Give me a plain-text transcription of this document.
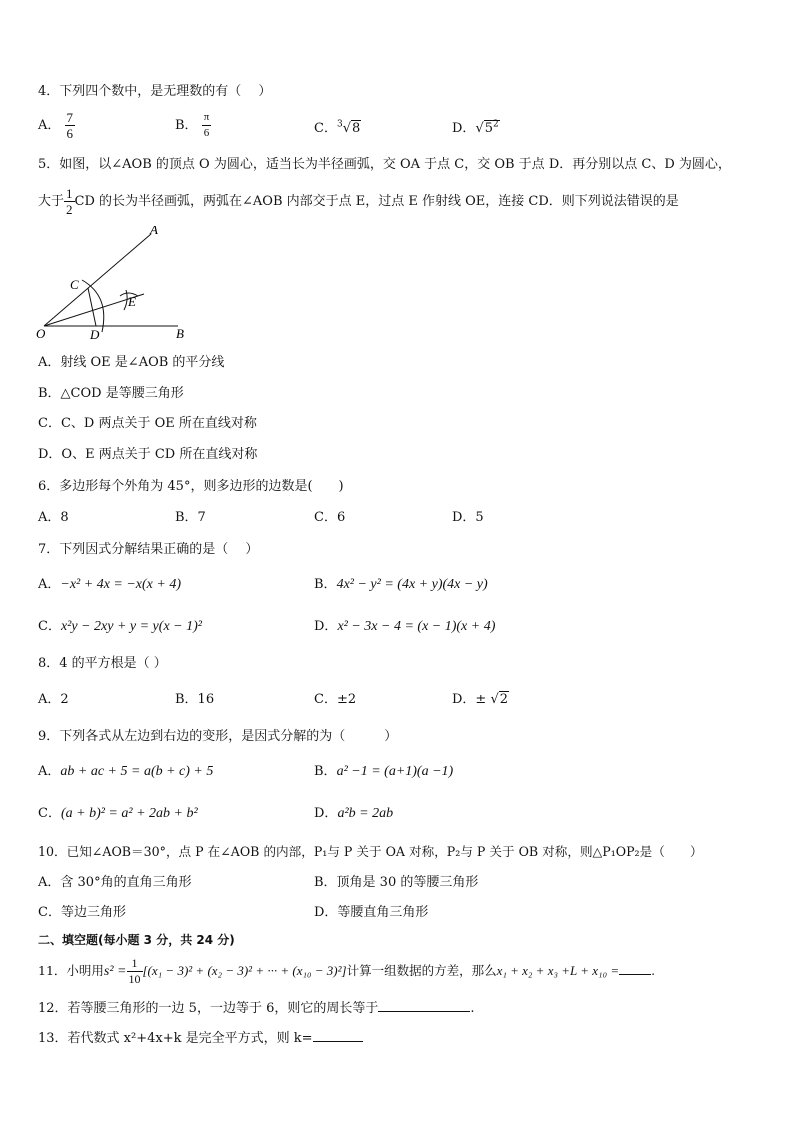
4．下列四个数中，是无理数的有（　 ）
A． $\frac{7}{6}$	B． $\frac{\pi}{6}$	C．$^3$√8	D．$√5^2$
5．如图，以∠AOB 的顶点 O 为圆心，适当长为半径画弧，交 OA 于点 C，交 OB 于点 D．再分别以点 C、D 为圆心，
大于 $\frac{1}{2}$ CD 的长为半径画弧，两弧在∠AOB 内部交于点 E，过点 E 作射线 OE，连接 CD．则下列说法错误的是
A
B
C
D
E
O
A．射线 OE 是∠AOB 的平分线
B．△COD 是等腰三角形
C．C、D 两点关于 OE 所在直线对称
D．O、E 两点关于 CD 所在直线对称
6．多边形每个外角为 45°，则多边形的边数是(　　)
A．8	B．7	C．6	D．5
7．下列因式分解结果正确的是（　 ）
A．−x² + 4x = −x(x + 4)	B．4x² − y² = (4x + y)(4x − y)
C．x²y − 2xy + y = y(x − 1)²	D．x² − 3x − 4 = (x − 1)(x + 4)
8．4 的平方根是（ ）
A．2	B．16	C．±2	D．± √2
9．下列各式从左边到右边的变形，是因式分解的为（　　　）
A．ab + ac + 5 = a(b + c) + 5	B．a² −1 = (a+1)(a −1)
C．(a + b)² = a² + 2ab + b²	D．a²b = 2ab
10．已知∠AOB＝30°，点 P 在∠AOB 的内部，P₁与 P 关于 OA 对称，P₂与 P 关于 OB 对称，则△P₁OP₂是（　　）
A．含 30°角的直角三角形	B．顶角是 30 的等腰三角形
C．等边三角形	D．等腰直角三角形
二、填空题(每小题 3 分，共 24 分)
11．小明用$s^2 = \frac{1}{10} [(x_1 - 3)^2 + (x_2 - 3)^2$ + ··· + (x₁₀ − 3)²]计算一组数据的方差，那么x₁ + x₂ + x₃ +L + x₁₀ =	.
12．若等腰三角形的一边 5，一边等于 6，则它的周长等于	.
13．若代数式 x²+4x+k 是完全平方式，则 k=
